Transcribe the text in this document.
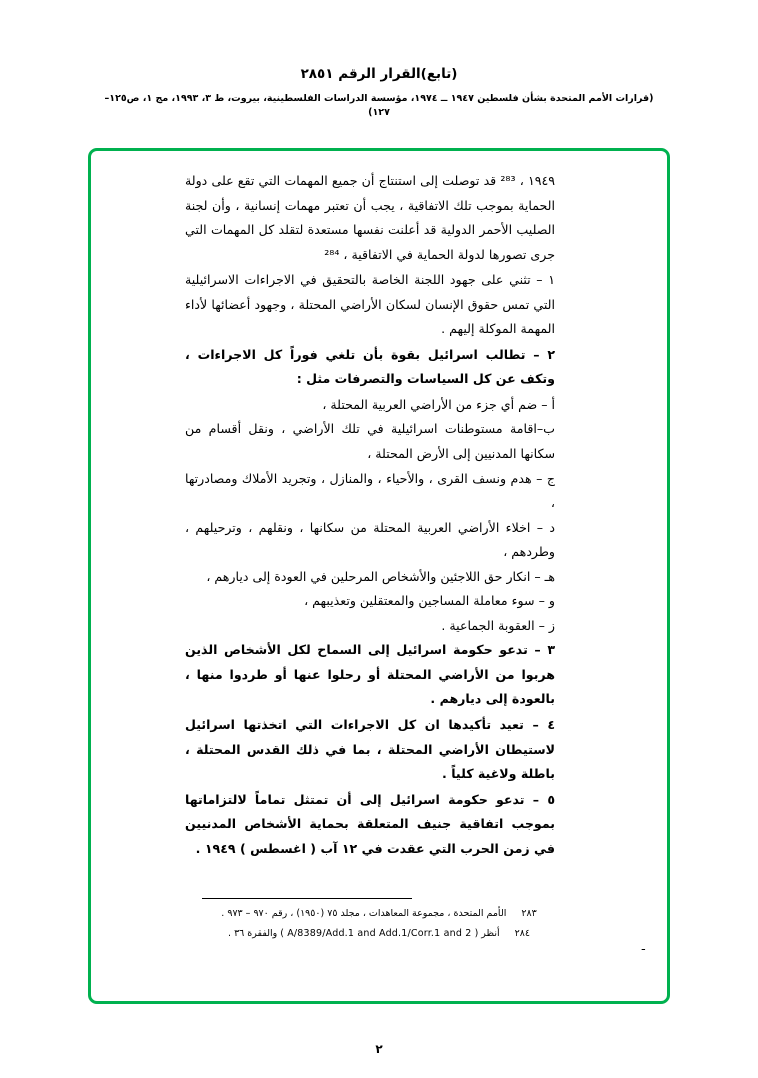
(تابع)القرار الرقم ٢٨٥١
(قرارات الأمم المتحدة بشأن فلسطين ١٩٤٧ ــ ١٩٧٤، مؤسسة الدراسات الفلسطينية، بيروت، ط ٣، ١٩٩٣، مج ١، ص١٢٥–
١٢٧)

١٩٤٩ ، ²⁸³ قد توصلت إلى استنتاج أن جميع المهمات التي تقع على دولة الحماية بموجب تلك الاتفاقية ، يجب أن تعتبر مهمات إنسانية ، وأن لجنة الصليب الأحمر الدولية قد أعلنت نفسها مستعدة لتقلد كل المهمات التي جرى تصورها لدولة الحماية في الاتفاقية ، ²⁸⁴

١ – تثني على جهود اللجنة الخاصة بالتحقيق في الاجراءات الاسرائيلية التي تمس حقوق الإنسان لسكان الأراضي المحتلة ، وجهود أعضائها لأداء المهمة الموكلة إليهم .

٢ – تطالب اسرائيل بقوة بأن تلغي فوراً كل الاجراءات ، وتكف عن كل السياسات والتصرفات مثل :

أ – ضم أي جزء من الأراضي العربية المحتلة ،

ب–اقامة مستوطنات اسرائيلية في تلك الأراضي ، ونقل أقسام من سكانها المدنيين إلى الأرض المحتلة ،

ج – هدم ونسف القرى ، والأحياء ، والمنازل ، وتجريد الأملاك ومصادرتها ،

د – اخلاء الأراضي العربية المحتلة من سكانها ، ونقلهم ، وترحيلهم ، وطردهم ،

هـ – انكار حق اللاجئين والأشخاص المرحلين في العودة إلى ديارهم ،

و – سوء معاملة المساجين والمعتقلين وتعذيبهم ،

ز – العقوبة الجماعية .

٣ – تدعو حكومة اسرائيل إلى السماح لكل الأشخاص الذين هربوا من الأراضي المحتلة أو رحلوا عنها أو طردوا منها ، بالعودة إلى ديارهم .

٤ – تعيد تأكيدها ان كل الاجراءات التي اتخذتها اسرائيل لاستيطان الأراضي المحتلة ، بما في ذلك القدس المحتلة ، باطلة ولاغية كلياً .

٥ – تدعو حكومة اسرائيل إلى أن تمتثل تماماً لالتزاماتها بموجب اتفاقية جنيف المتعلقة بحماية الأشخاص المدنيين في زمن الحرب التي عقدت في ١٢ آب ( اغسطس ) ١٩٤٩ .

٢٨٣ الأمم المتحدة ، مجموعة المعاهدات ، مجلد ٧٥ (١٩٥٠) ، رقم ٩٧٠ – ٩٧٣ .
٢٨٤ أنظر ( A/8389/Add.1 and Add.1/Corr.1 and 2 ) والفقرة ٣٦ .
ـ
٢
